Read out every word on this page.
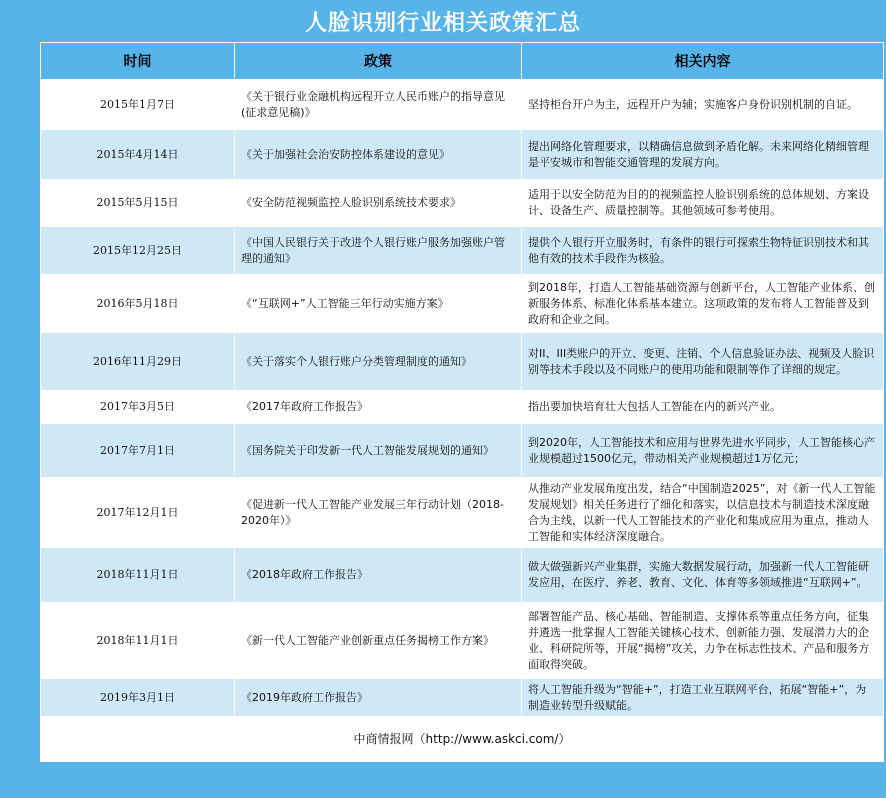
人脸识别行业相关政策汇总
时间	政策	相关内容
2015年1月7日	《关于银行业金融机构远程开立人民币账户的指导意见(征求意见稿)》	坚持柜台开户为主，远程开户为辅；实施客户身份识别机制的自证。
2015年4月14日	《关于加强社会治安防控体系建设的意见》	提出网络化管理要求，以精确信息做到矛盾化解。未来网络化精细管理是平安城市和智能交通管理的发展方向。
2015年5月15日	《安全防范视频监控人脸识别系统技术要求》	适用于以安全防范为目的的视频监控人脸识别系统的总体规划、方案设计、设备生产、质量控制等。其他领域可参考使用。
2015年12月25日	《中国人民银行关于改进个人银行账户服务加强账户管理的通知》	提供个人银行开立服务时，有条件的银行可探索生物特征识别技术和其他有效的技术手段作为核验。
2016年5月18日	《“互联网+”人工智能三年行动实施方案》	到2018年，打造人工智能基础资源与创新平台，人工智能产业体系、创新服务体系、标准化体系基本建立。这项政策的发布将人工智能普及到政府和企业之间。
2016年11月29日	《关于落实个人银行账户分类管理制度的通知》	对II、III类账户的开立、变更、注销、个人信息验证办法、视频及人脸识别等技术手段以及不同账户的使用功能和限制等作了详细的规定。
2017年3月5日	《2017年政府工作报告》	指出要加快培育壮大包括人工智能在内的新兴产业。
2017年7月1日	《国务院关于印发新一代人工智能发展规划的通知》	到2020年，人工智能技术和应用与世界先进水平同步，人工智能核心产业规模超过1500亿元，带动相关产业规模超过1万亿元；
2017年12月1日	《促进新一代人工智能产业发展三年行动计划（2018-2020年）》	从推动产业发展角度出发，结合“中国制造2025”，对《新一代人工智能发展规划》相关任务进行了细化和落实，以信息技术与制造技术深度融合为主线，以新一代人工智能技术的产业化和集成应用为重点，推动人工智能和实体经济深度融合。
2018年11月1日	《2018年政府工作报告》	做大做强新兴产业集群，实施大数据发展行动，加强新一代人工智能研发应用，在医疗、养老、教育、文化、体育等多领域推进“互联网+”。
2018年11月1日	《新一代人工智能产业创新重点任务揭榜工作方案》	部署智能产品、核心基础、智能制造、支撑体系等重点任务方向，征集并遴选一批掌握人工智能关键核心技术、创新能力强、发展潜力大的企业、科研院所等，开展“揭榜”攻关，力争在标志性技术、产品和服务方面取得突破。
2019年3月1日	《2019年政府工作报告》	将人工智能升级为“智能+”，打造工业互联网平台，拓展“智能+”，为制造业转型升级赋能。
中商情报网（http://www.askci.com/）		
